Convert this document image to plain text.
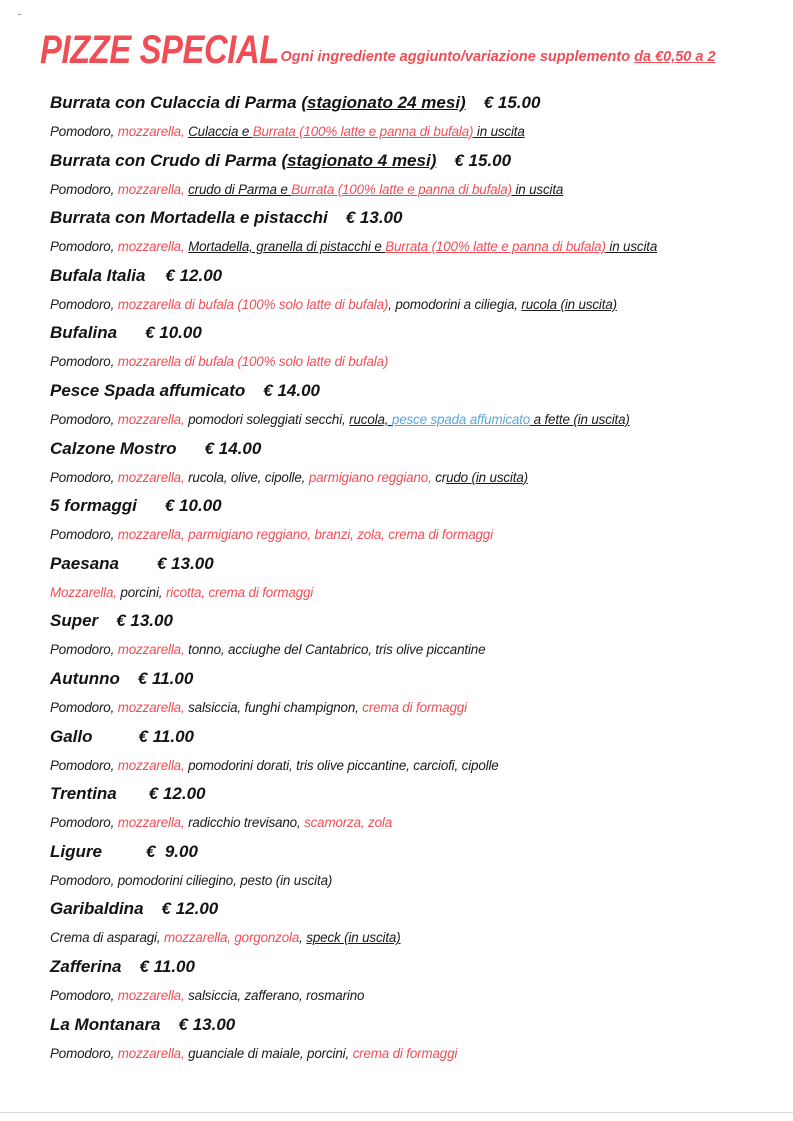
PIZZE SPECIAL Ogni ingrediente aggiunto/variazione supplemento da €0,50 a 2
Burrata con Culaccia di Parma (stagionato 24 mesi) € 15.00
Pomodoro, mozzarella, Culaccia e Burrata (100% latte e panna di bufala) in uscita
Burrata con Crudo di Parma (stagionato 4 mesi) € 15.00
Pomodoro, mozzarella, crudo di Parma e Burrata (100% latte e panna di bufala) in uscita
Burrata con Mortadella e pistacchi € 13.00
Pomodoro, mozzarella, Mortadella, granella di pistacchi e Burrata (100% latte e panna di bufala) in uscita
Bufala Italia € 12.00
Pomodoro, mozzarella di bufala (100% solo latte di bufala), pomodorini a ciliegia, rucola (in uscita)
Bufalina € 10.00
Pomodoro, mozzarella di bufala (100% solo latte di bufala)
Pesce Spada affumicato € 14.00
Pomodoro, mozzarella, pomodori soleggiati secchi, rucola, pesce spada affumicato a fette (in uscita)
Calzone Mostro € 14.00
Pomodoro, mozzarella, rucola, olive, cipolle, parmigiano reggiano, crudo (in uscita)
5 formaggi € 10.00
Pomodoro, mozzarella, parmigiano reggiano, branzi, zola, crema di formaggi
Paesana € 13.00
Mozzarella, porcini, ricotta, crema di formaggi
Super € 13.00
Pomodoro, mozzarella, tonno, acciughe del Cantabrico, tris olive piccantine
Autunno € 11.00
Pomodoro, mozzarella, salsiccia, funghi champignon, crema di formaggi
Gallo	€ 11.00
Pomodoro, mozzarella, pomodorini dorati, tris olive piccantine, carciofi, cipolle
Trentina € 12.00
Pomodoro, mozzarella, radicchio trevisano, scamorza, zola
Ligure	€  9.00
Pomodoro, pomodorini ciliegino, pesto (in uscita)
Garibaldina € 12.00
Crema di asparagi, mozzarella, gorgonzola, speck (in uscita)
Zafferina € 11.00
Pomodoro, mozzarella, salsiccia, zafferano, rosmarino
La Montanara € 13.00
Pomodoro, mozzarella, guanciale di maiale, porcini, crema di formaggi
